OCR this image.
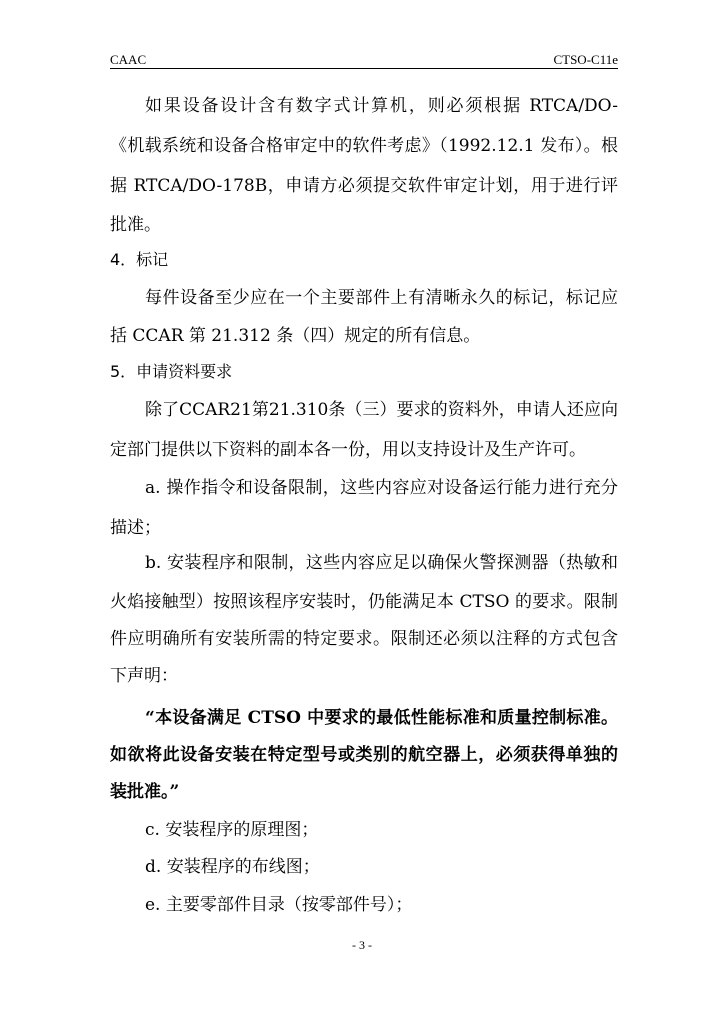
CAAC	CTSO-C11e
如果设备设计含有数字式计算机，则必须根据 RTCA/DO-
《机载系统和设备合格审定中的软件考虑》（1992.12.1 发布）。根
据 RTCA/DO-178B，申请方必须提交软件审定计划，用于进行评
批准。
4．标记
每件设备至少应在一个主要部件上有清晰永久的标记，标记应
括 CCAR 第 21.312 条（四）规定的所有信息。
5．申请资料要求
除了CCAR21第21.310条（三）要求的资料外，申请人还应向
定部门提供以下资料的副本各一份，用以支持设计及生产许可。
a. 操作指令和设备限制，这些内容应对设备运行能力进行充分
描述；
b. 安装程序和限制，这些内容应足以确保火警探测器（热敏和
火焰接触型）按照该程序安装时，仍能满足本 CTSO 的要求。限制
件应明确所有安装所需的特定要求。限制还必须以注释的方式包含
下声明：
“本设备满足 CTSO 中要求的最低性能标准和质量控制标准。
如欲将此设备安装在特定型号或类别的航空器上，必须获得单独的
装批准。”
c. 安装程序的原理图；
d. 安装程序的布线图；
e. 主要零部件目录（按零部件号）；
- 3 -
